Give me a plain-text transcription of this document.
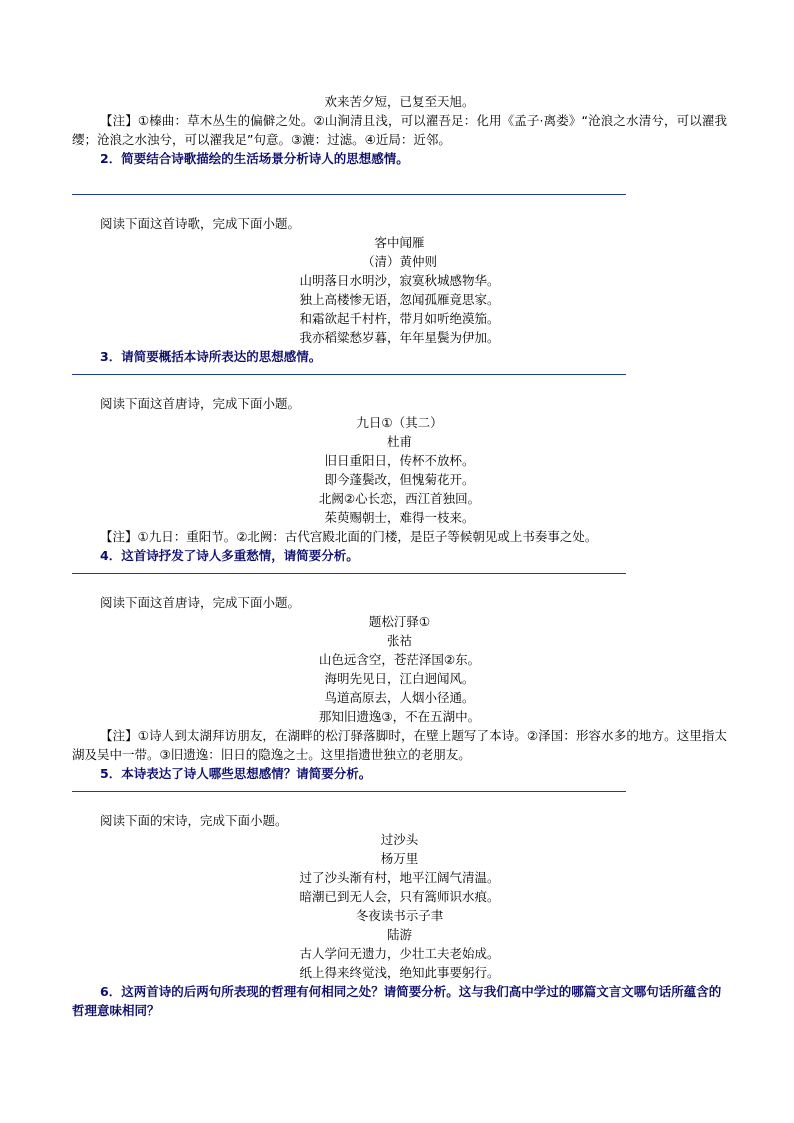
欢来苦夕短，已复至天旭。

【注】①榛曲：草木丛生的偏僻之处。②山涧清且浅，可以濯吾足：化用《孟子·离娄》“沧浪之水清兮，可以濯我缨；沧浪之水浊兮，可以濯我足”句意。③漉：过滤。④近局：近邻。

2．简要结合诗歌描绘的生活场景分析诗人的思想感情。

阅读下面这首诗歌，完成下面小题。

客中闻雁
（清）黄仲则
山明落日水明沙，寂寞秋城感物华。
独上高楼惨无语，忽闻孤雁竟思家。
和霜欲起千村杵，带月如听绝漠笳。
我亦稻粱愁岁暮，年年星鬓为伊加。

3．请简要概括本诗所表达的思想感情。

阅读下面这首唐诗，完成下面小题。

九日①（其二）
杜甫
旧日重阳日，传杯不放杯。
即今蓬鬓改，但愧菊花开。
北阙②心长恋，西江首独回。
茱萸赐朝士，难得一枝来。

【注】①九日：重阳节。②北阙：古代宫殿北面的门楼，是臣子等候朝见或上书奏事之处。

4．这首诗抒发了诗人多重愁情，请简要分析。

阅读下面这首唐诗，完成下面小题。

题松汀驿①
张祜
山色远含空，苍茫泽国②东。
海明先见日，江白迥闻风。
鸟道高原去，人烟小径通。
那知旧遗逸③，不在五湖中。

【注】①诗人到太湖拜访朋友，在湖畔的松汀驿落脚时，在壁上题写了本诗。②泽国：形容水多的地方。这里指太湖及吴中一带。③旧遗逸：旧日的隐逸之士。这里指遗世独立的老朋友。

5．本诗表达了诗人哪些思想感情？请简要分析。

阅读下面的宋诗，完成下面小题。

过沙头
杨万里
过了沙头渐有村，地平江阔气清温。
暗潮已到无人会，只有篙师识水痕。
冬夜读书示子聿
陆游
古人学问无遗力，少壮工夫老始成。
纸上得来终觉浅，绝知此事要躬行。

6．这两首诗的后两句所表现的哲理有何相同之处？请简要分析。这与我们高中学过的哪篇文言文哪句话所蕴含的哲理意味相同？
